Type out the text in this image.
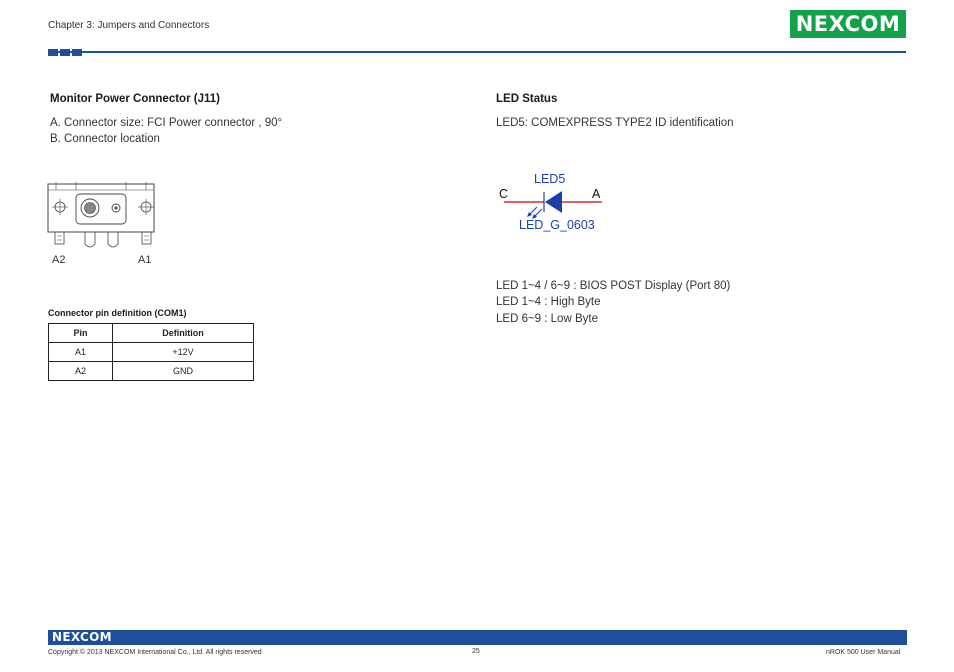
Chapter 3: Jumpers and Connectors	NEXCOM
Monitor Power Connector (J11)
A. Connector size: FCI Power connector , 90°
B. Connector location
A2	A1
Connector pin definition (COM1)
Pin	Definition
A1	+12V
A2	GND
LED Status
LED5: COMEXPRESS TYPE2 ID identification
LED5
C	A
LED_G_0603
LED 1~4 / 6~9 : BIOS POST Display (Port 80)
LED 1~4 : High Byte
LED 6~9 : Low Byte
NEXCOM
Copyright © 2013 NEXCOM International Co., Ltd. All rights reserved	25	nROK 500 User Manual
